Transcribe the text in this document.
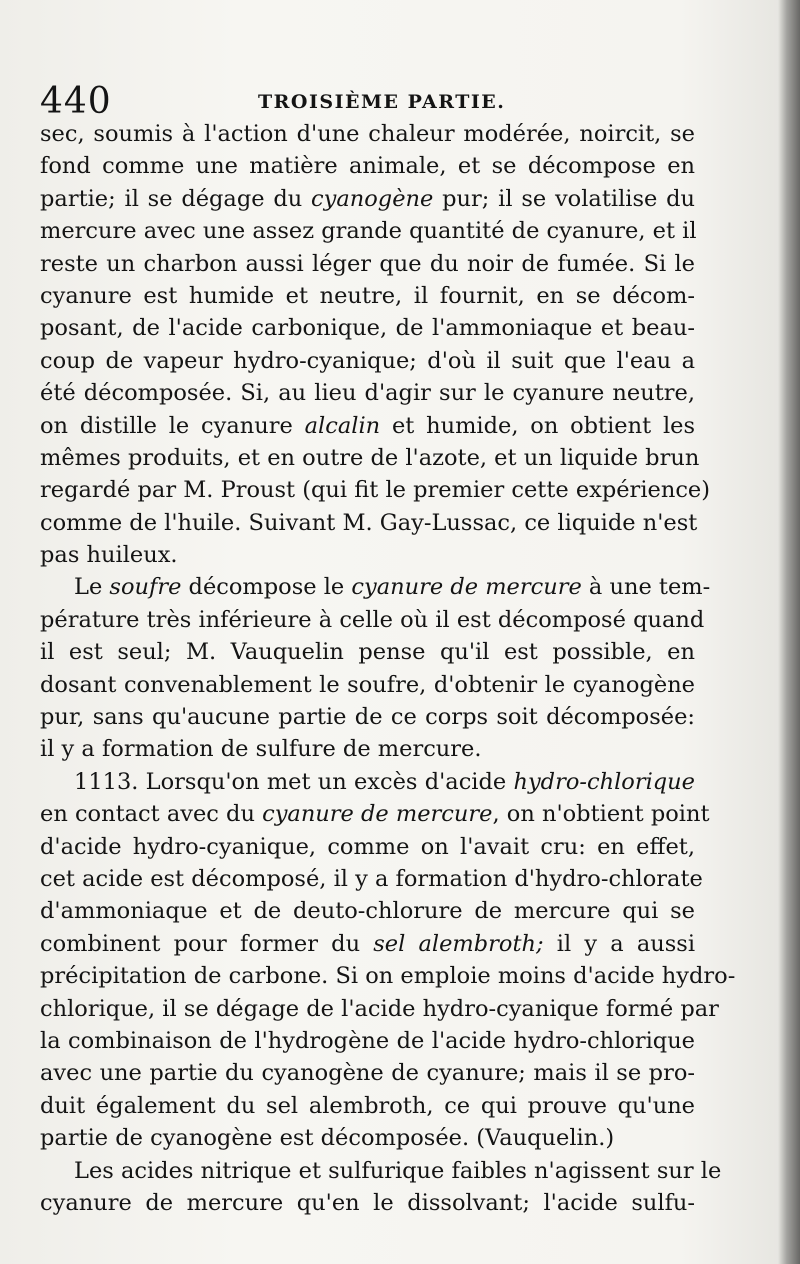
440	TROISIÈME PARTIE.
sec, soumis à l'action d'une chaleur modérée, noircit, se
fond comme une matière animale, et se décompose en
partie; il se dégage du cyanogène pur; il se volatilise du
mercure avec une assez grande quantité de cyanure, et il
reste un charbon aussi léger que du noir de fumée. Si le
cyanure est humide et neutre, il fournit, en se décom-
posant, de l'acide carbonique, de l'ammoniaque et beau-
coup de vapeur hydro-cyanique; d'où il suit que l'eau a
été décomposée. Si, au lieu d'agir sur le cyanure neutre,
on distille le cyanure alcalin et humide, on obtient les
mêmes produits, et en outre de l'azote, et un liquide brun
regardé par M. Proust (qui fit le premier cette expérience)
comme de l'huile. Suivant M. Gay-Lussac, ce liquide n'est
pas huileux.
Le soufre décompose le cyanure de mercure à une tem-
pérature très inférieure à celle où il est décomposé quand
il est seul; M. Vauquelin pense qu'il est possible, en
dosant convenablement le soufre, d'obtenir le cyanogène
pur, sans qu'aucune partie de ce corps soit décomposée:
il y a formation de sulfure de mercure.
1113. Lorsqu'on met un excès d'acide hydro-chlorique
en contact avec du cyanure de mercure, on n'obtient point
d'acide hydro-cyanique, comme on l'avait cru: en effet,
cet acide est décomposé, il y a formation d'hydro-chlorate
d'ammoniaque et de deuto-chlorure de mercure qui se
combinent pour former du sel alembroth; il y a aussi
précipitation de carbone. Si on emploie moins d'acide hydro-
chlorique, il se dégage de l'acide hydro-cyanique formé par
la combinaison de l'hydrogène de l'acide hydro-chlorique
avec une partie du cyanogène de cyanure; mais il se pro-
duit également du sel alembroth, ce qui prouve qu'une
partie de cyanogène est décomposée. (Vauquelin.)
Les acides nitrique et sulfurique faibles n'agissent sur le
cyanure de mercure qu'en le dissolvant; l'acide sulfu-
